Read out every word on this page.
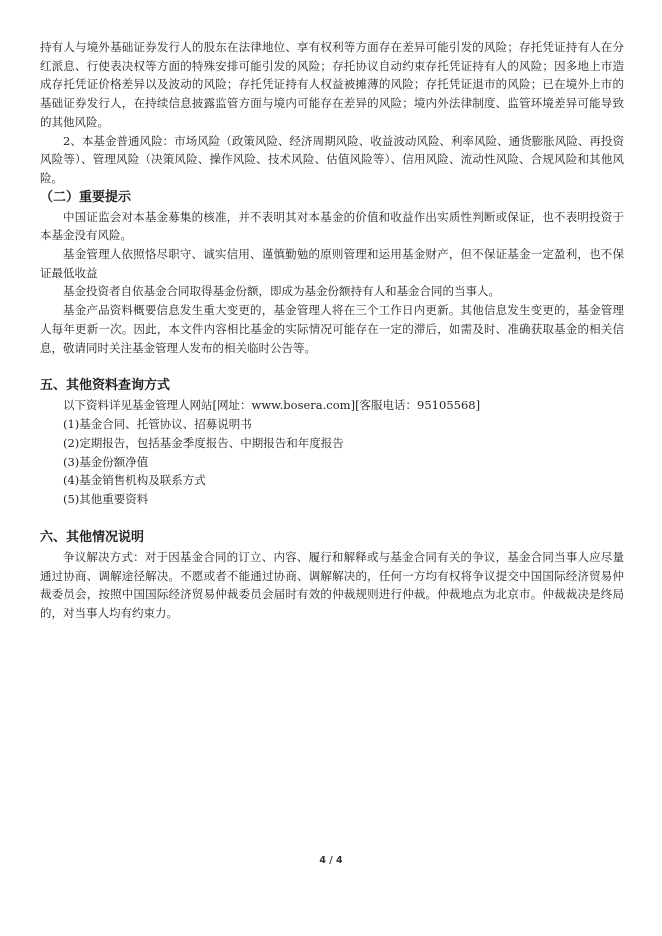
持有人与境外基础证券发行人的股东在法律地位、享有权利等方面存在差异可能引发的风险；存托凭证持有人在分红派息、行使表决权等方面的特殊安排可能引发的风险；存托协议自动约束存托凭证持有人的风险；因多地上市造成存托凭证价格差异以及波动的风险；存托凭证持有人权益被摊薄的风险；存托凭证退市的风险；已在境外上市的基础证券发行人，在持续信息披露监管方面与境内可能存在差异的风险；境内外法律制度、监管环境差异可能导致的其他风险。

2、本基金普通风险：市场风险（政策风险、经济周期风险、收益波动风险、利率风险、通货膨胀风险、再投资风险等）、管理风险（决策风险、操作风险、技术风险、估值风险等）、信用风险、流动性风险、合规风险和其他风险。

（二）重要提示

中国证监会对本基金募集的核准，并不表明其对本基金的价值和收益作出实质性判断或保证，也不表明投资于本基金没有风险。

基金管理人依照恪尽职守、诚实信用、谨慎勤勉的原则管理和运用基金财产，但不保证基金一定盈利，也不保证最低收益

基金投资者自依基金合同取得基金份额，即成为基金份额持有人和基金合同的当事人。

基金产品资料概要信息发生重大变更的，基金管理人将在三个工作日内更新。其他信息发生变更的，基金管理人每年更新一次。因此，本文件内容相比基金的实际情况可能存在一定的滞后，如需及时、准确获取基金的相关信息，敬请同时关注基金管理人发布的相关临时公告等。

五、其他资料查询方式

以下资料详见基金管理人网站[网址：www.bosera.com][客服电话：95105568]

(1)基金合同、托管协议、招募说明书

(2)定期报告，包括基金季度报告、中期报告和年度报告

(3)基金份额净值

(4)基金销售机构及联系方式

(5)其他重要资料

六、其他情况说明

争议解决方式：对于因基金合同的订立、内容、履行和解释或与基金合同有关的争议，基金合同当事人应尽量通过协商、调解途径解决。不愿或者不能通过协商、调解解决的，任何一方均有权将争议提交中国国际经济贸易仲裁委员会，按照中国国际经济贸易仲裁委员会届时有效的仲裁规则进行仲裁。仲裁地点为北京市。仲裁裁决是终局的，对当事人均有约束力。

4 / 4
